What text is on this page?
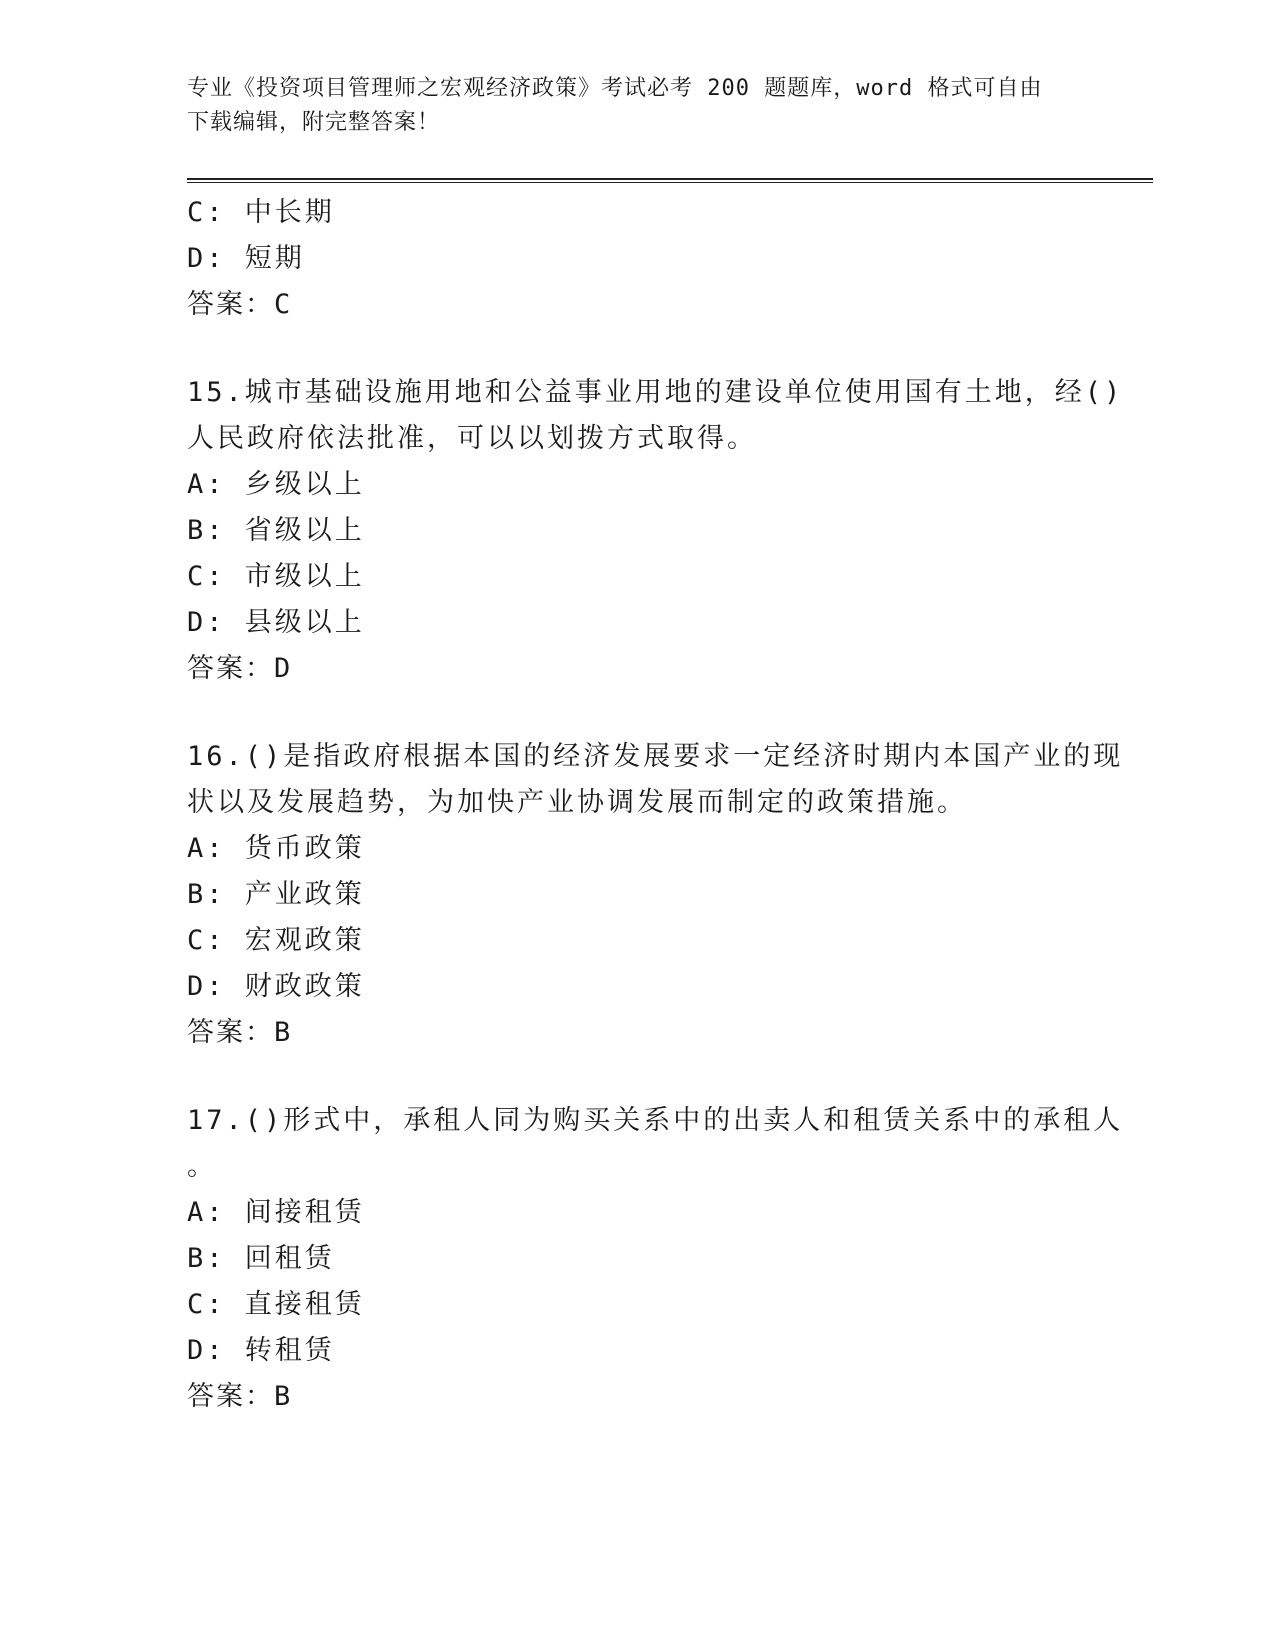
专业《投资项目管理师之宏观经济政策》考试必考 200 题题库，word 格式可自由
下载编辑，附完整答案！
C: 中长期
D: 短期
答案：C
15.城市基础设施用地和公益事业用地的建设单位使用国有土地，经()
人民政府依法批准，可以以划拨方式取得。
A: 乡级以上
B: 省级以上
C: 市级以上
D: 县级以上
答案：D
16.()是指政府根据本国的经济发展要求一定经济时期内本国产业的现
状以及发展趋势，为加快产业协调发展而制定的政策措施。
A: 货币政策
B: 产业政策
C: 宏观政策
D: 财政政策
答案：B
17.()形式中，承租人同为购买关系中的出卖人和租赁关系中的承租人
。
A: 间接租赁
B: 回租赁
C: 直接租赁
D: 转租赁
答案：B
